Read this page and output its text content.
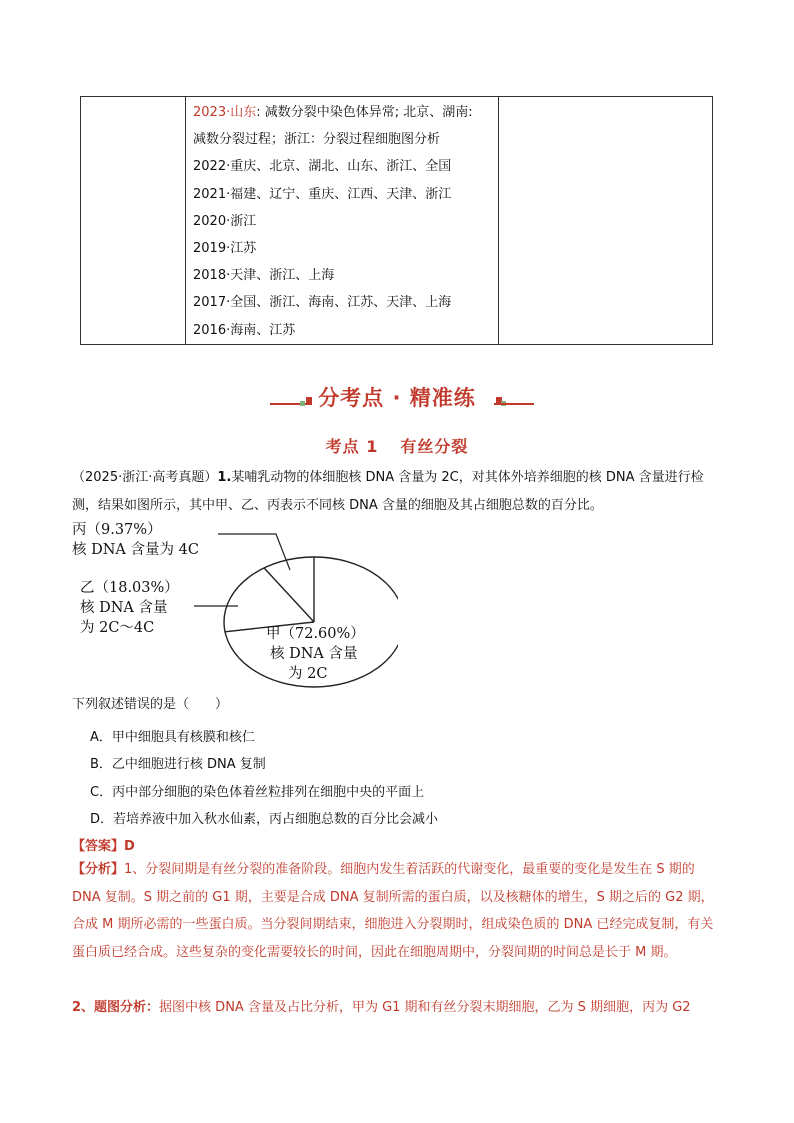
2023·山东: 减数分裂中染色体异常; 北京、湖南:
减数分裂过程；浙江：分裂过程细胞图分析
2022·重庆、北京、湖北、山东、浙江、全国
2021·福建、辽宁、重庆、江西、天津、浙江
2020·浙江
2019·江苏
2018·天津、浙江、上海
2017·全国、浙江、海南、江苏、天津、上海
2016·海南、江苏

分考点 · 精准练
考点 1 有丝分裂
（2025·浙江·高考真题）1.某哺乳动物的体细胞核 DNA 含量为 2C，对其体外培养细胞的核 DNA 含量进行检测，结果如图所示，其中甲、乙、丙表示不同核 DNA 含量的细胞及其占细胞总数的百分比。
丙（9.37%）
核 DNA 含量为 4C
乙（18.03%）
核 DNA 含量
为 2C～4C	甲（72.60%）
核 DNA 含量
为 2C
下列叙述错误的是（　　）
A．甲中细胞具有核膜和核仁
B．乙中细胞进行核 DNA 复制
C．丙中部分细胞的染色体着丝粒排列在细胞中央的平面上
D．若培养液中加入秋水仙素，丙占细胞总数的百分比会减小
【答案】D
【分析】1、分裂间期是有丝分裂的准备阶段。细胞内发生着活跃的代谢变化，最重要的变化是发生在 S 期的 DNA 复制。S 期之前的 G1 期，主要是合成 DNA 复制所需的蛋白质，以及核糖体的增生，S 期之后的 G2 期，合成 M 期所必需的一些蛋白质。当分裂间期结束，细胞进入分裂期时，组成染色质的 DNA 已经完成复制，有关蛋白质已经合成。这些复杂的变化需要较长的时间，因此在细胞周期中，分裂间期的时间总是长于 M 期。
2、题图分析：据图中核 DNA 含量及占比分析，甲为 G1 期和有丝分裂末期细胞，乙为 S 期细胞，丙为 G2
